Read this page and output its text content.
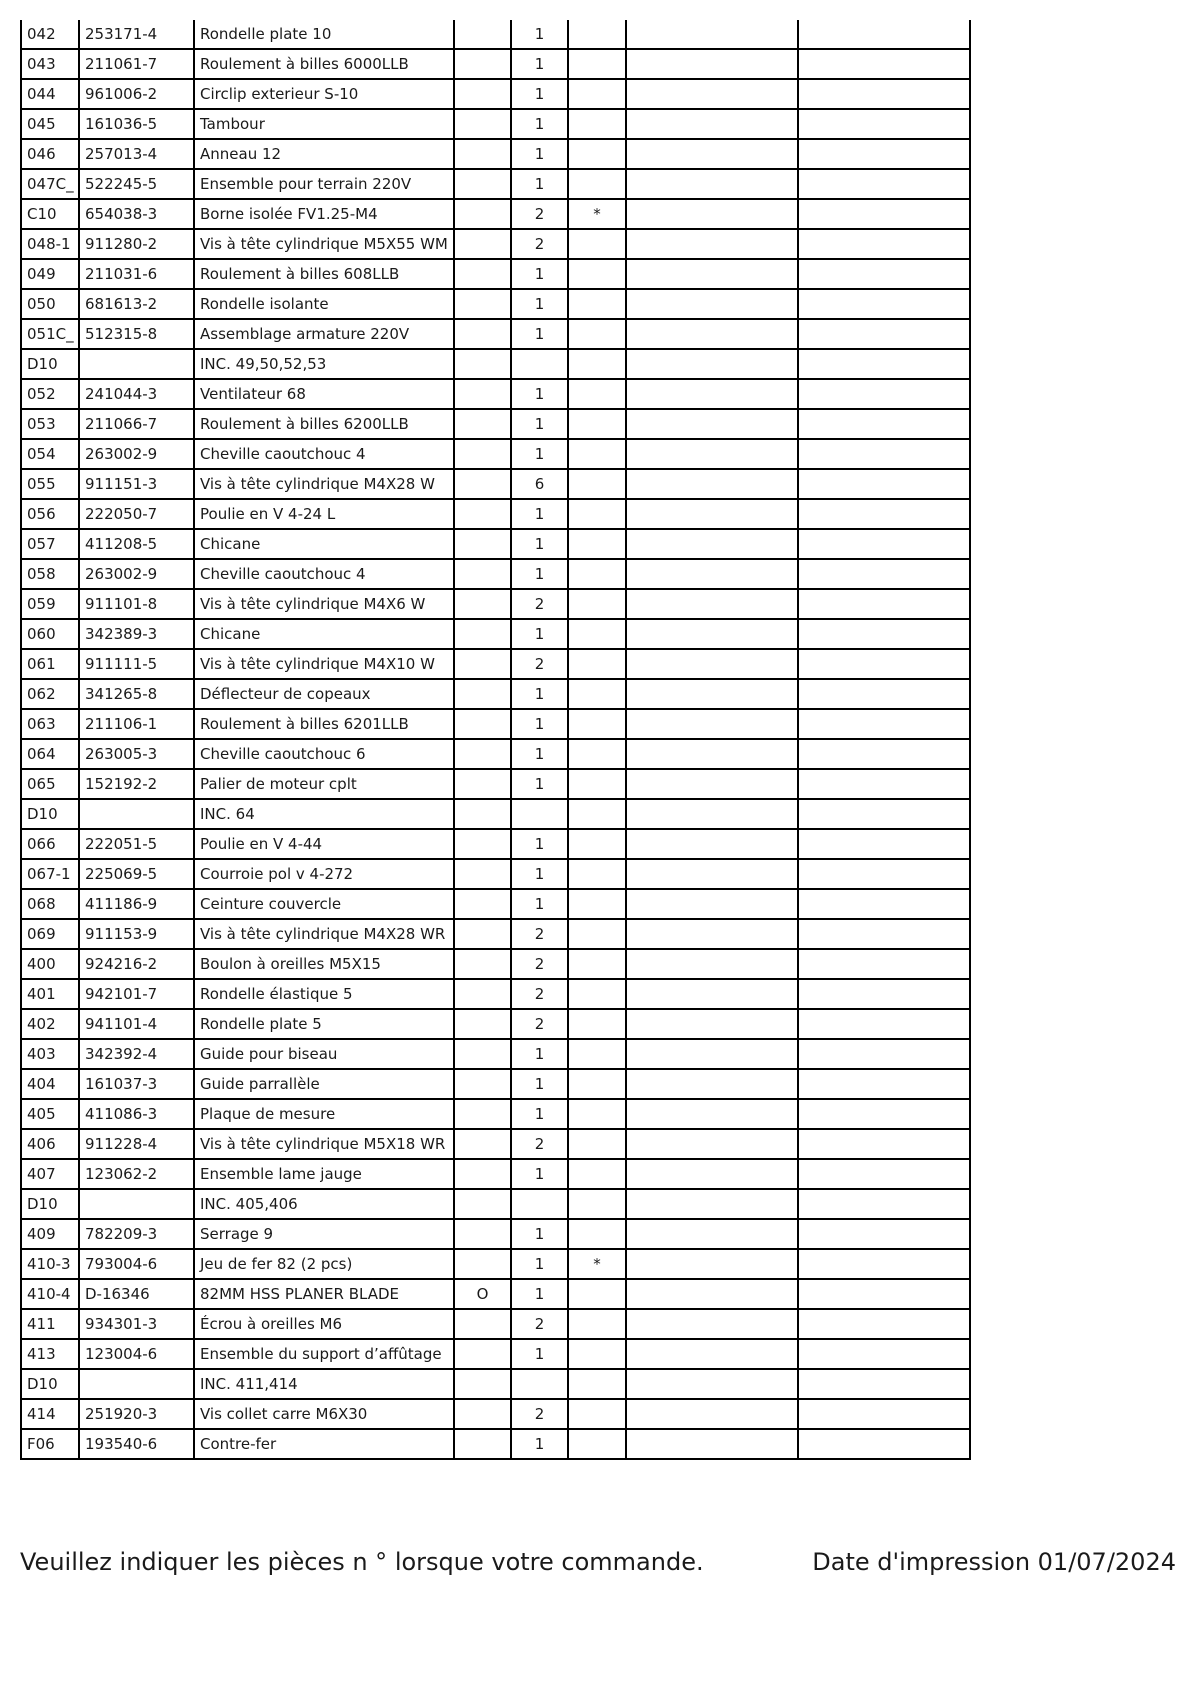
042	253171-4	Rondelle plate 10		1			
043	211061-7	Roulement à billes 6000LLB		1			
044	961006-2	Circlip exterieur S-10		1			
045	161036-5	Tambour		1			
046	257013-4	Anneau 12		1			
047C_	522245-5	Ensemble pour terrain 220V		1			
C10	654038-3	Borne isolée FV1.25-M4		2	*		
048-1	911280-2	Vis à tête cylindrique M5X55 WM		2			
049	211031-6	Roulement à billes 608LLB		1			
050	681613-2	Rondelle isolante		1			
051C_	512315-8	Assemblage armature 220V		1			
D10		INC. 49,50,52,53					
052	241044-3	Ventilateur 68		1			
053	211066-7	Roulement à billes 6200LLB		1			
054	263002-9	Cheville caoutchouc 4		1			
055	911151-3	Vis à tête cylindrique M4X28 W		6			
056	222050-7	Poulie en V 4-24 L		1			
057	411208-5	Chicane		1			
058	263002-9	Cheville caoutchouc 4		1			
059	911101-8	Vis à tête cylindrique M4X6 W		2			
060	342389-3	Chicane		1			
061	911111-5	Vis à tête cylindrique M4X10 W		2			
062	341265-8	Déflecteur de copeaux		1			
063	211106-1	Roulement à billes 6201LLB		1			
064	263005-3	Cheville caoutchouc 6		1			
065	152192-2	Palier de moteur cplt		1			
D10		INC. 64					
066	222051-5	Poulie en V 4-44		1			
067-1	225069-5	Courroie pol v 4-272		1			
068	411186-9	Ceinture couvercle		1			
069	911153-9	Vis à tête cylindrique M4X28 WR		2			
400	924216-2	Boulon à oreilles M5X15		2			
401	942101-7	Rondelle élastique 5		2			
402	941101-4	Rondelle plate 5		2			
403	342392-4	Guide pour biseau		1			
404	161037-3	Guide parrallèle		1			
405	411086-3	Plaque de mesure		1			
406	911228-4	Vis à tête cylindrique M5X18 WR		2			
407	123062-2	Ensemble lame jauge		1			
D10		INC. 405,406					
409	782209-3	Serrage 9		1			
410-3	793004-6	Jeu de fer 82 (2 pcs)		1	*		
410-4	D-16346	82MM HSS PLANER BLADE	O	1			
411	934301-3	Écrou à oreilles M6		2			
413	123004-6	Ensemble du support d’affûtage		1			
D10		INC. 411,414					
414	251920-3	Vis collet carre M6X30		2			
F06	193540-6	Contre-fer		1			
Veuillez indiquer les pièces n ° lorsque votre commande.	Date d'impression 01/07/2024
